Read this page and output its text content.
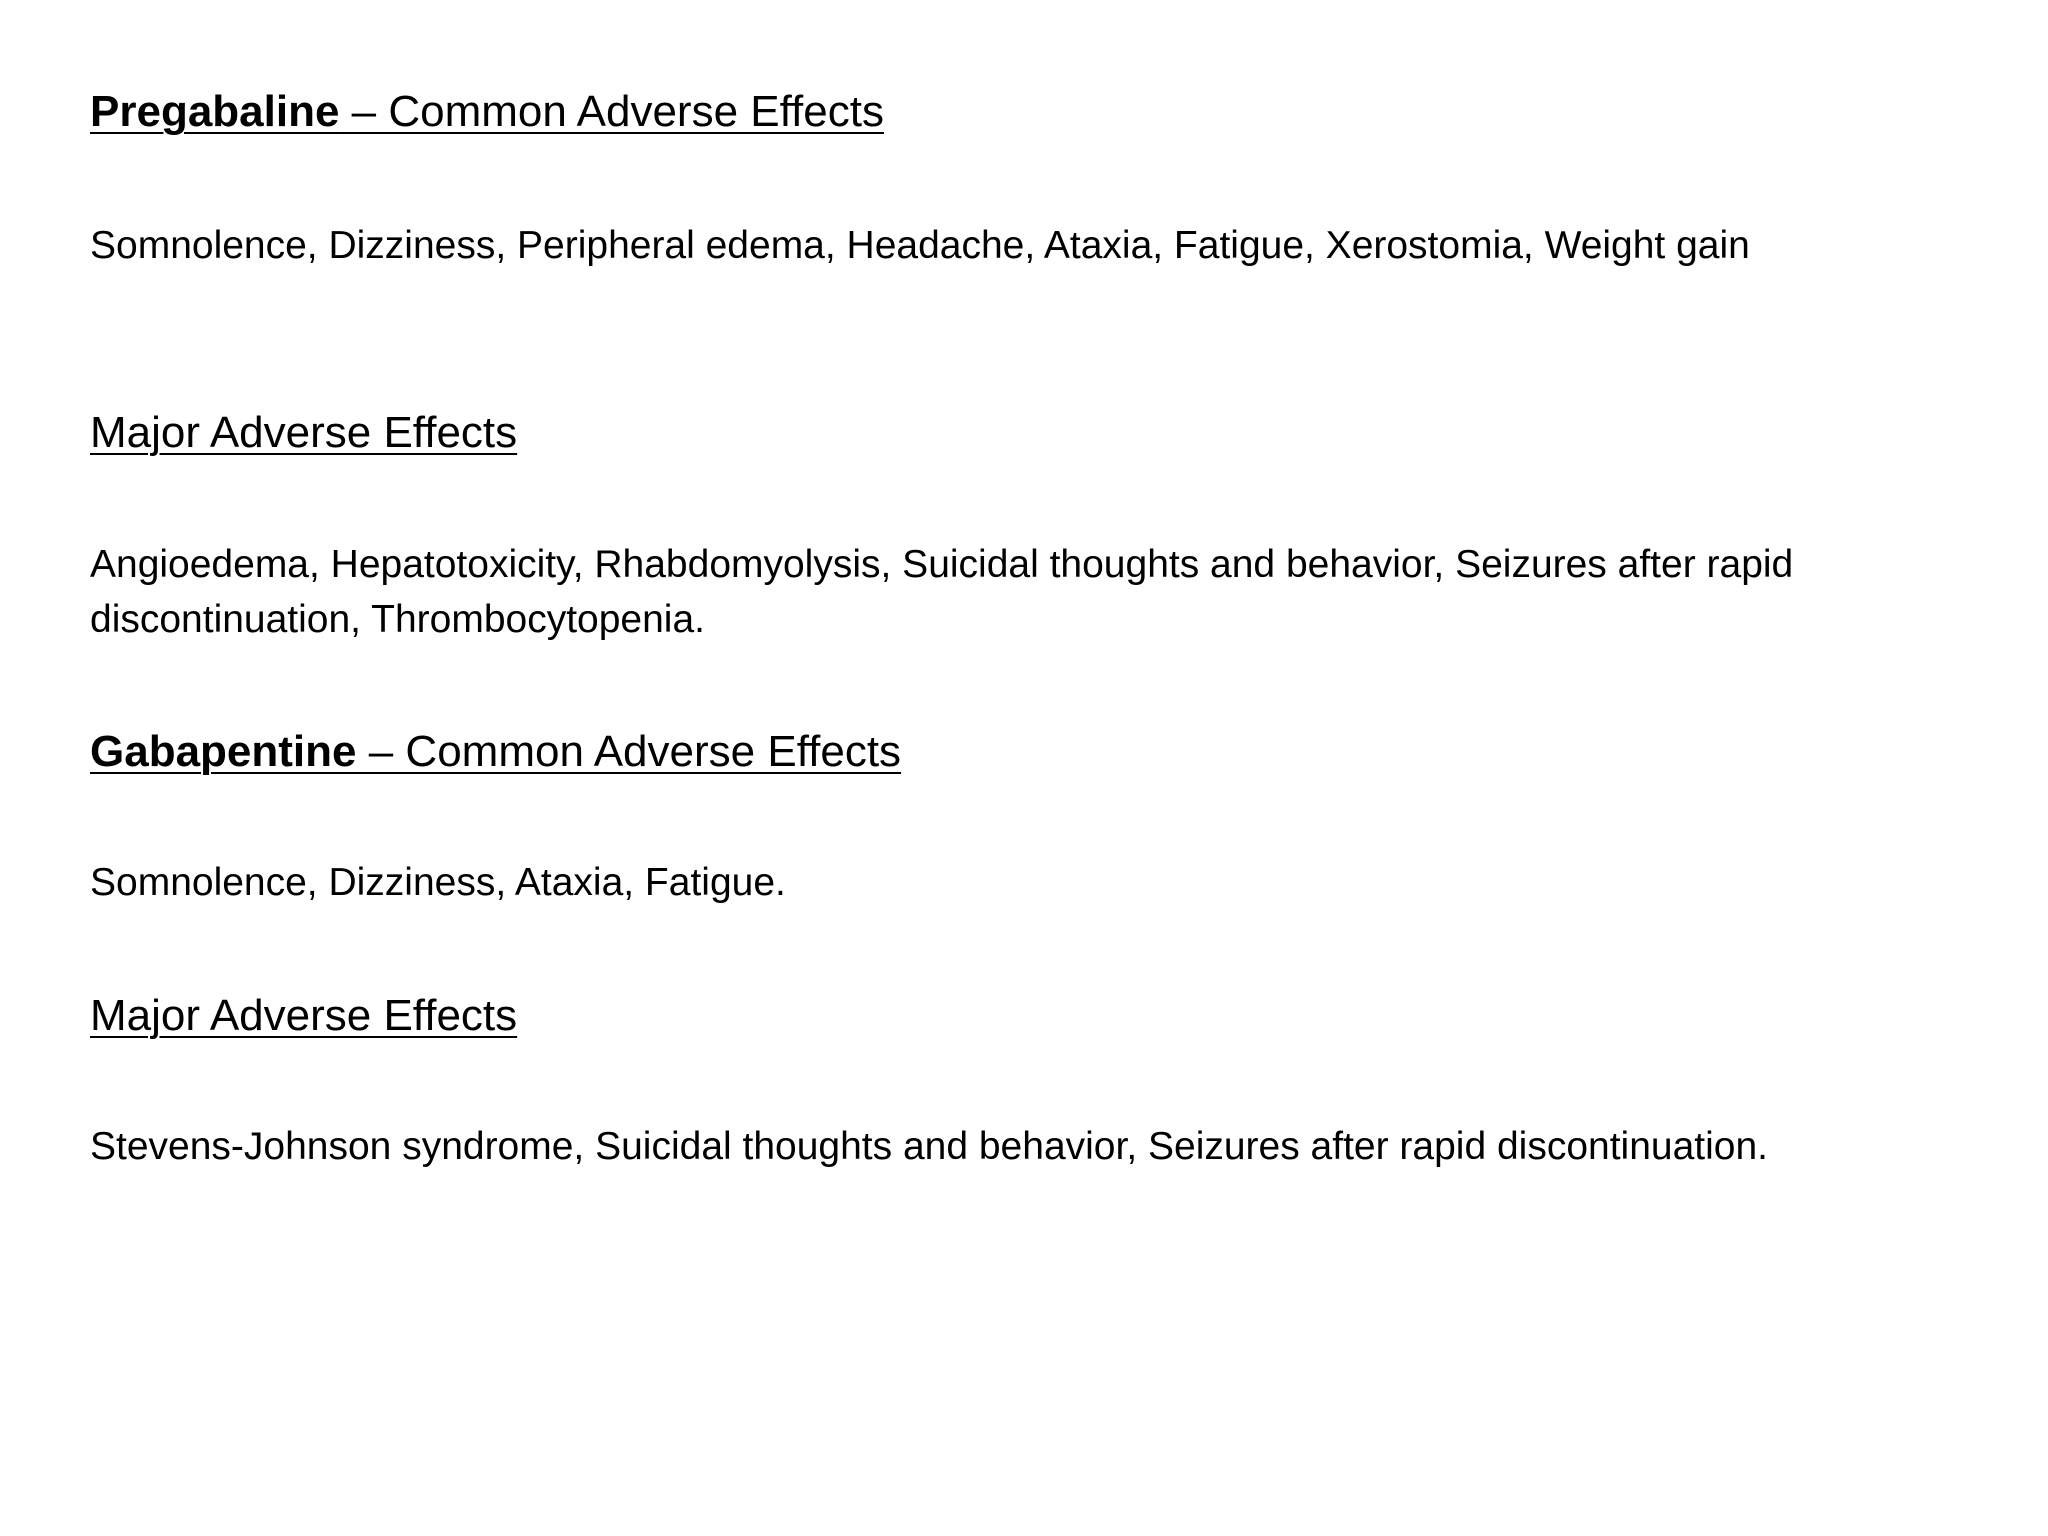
Pregabaline – Common Adverse Effects

Somnolence, Dizziness, Peripheral edema, Headache, Ataxia, Fatigue, Xerostomia, Weight gain

Major Adverse Effects

Angioedema, Hepatotoxicity, Rhabdomyolysis, Suicidal thoughts and behavior, Seizures after rapid discontinuation, Thrombocytopenia.

Gabapentine – Common Adverse Effects

Somnolence, Dizziness, Ataxia, Fatigue.

Major Adverse Effects

Stevens-Johnson syndrome, Suicidal thoughts and behavior, Seizures after rapid discontinuation.
